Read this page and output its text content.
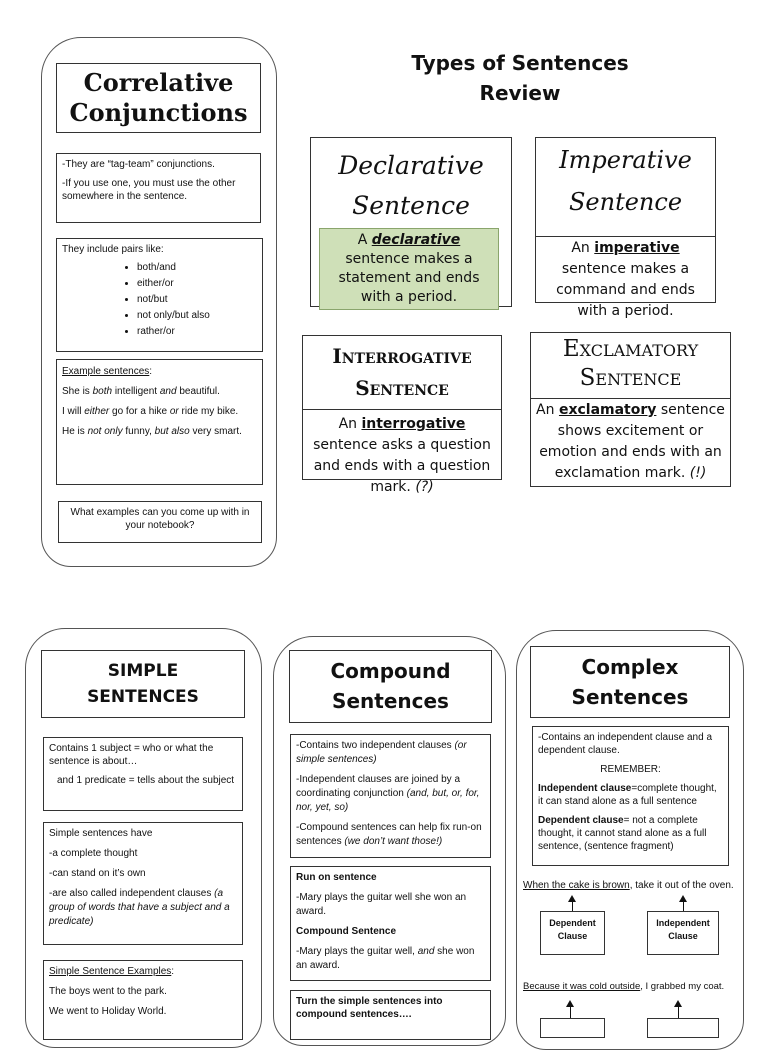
Types of Sentences
Review
Correlative
Conjunctions

-They are “tag-team” conjunctions.

-If you use one, you must use the other somewhere in the sentence.

They include pairs like:
• both/and
• either/or
• not/but
• not only/but also
• rather/or

Example sentences:

She is both intelligent and beautiful.

I will either go for a hike or ride my bike.

He is not only funny, but also very smart.

What examples can you come up with in your notebook?
Declarative
Sentence
A declarative sentence makes a statement and ends with a period.
Imperative
Sentence
An imperative sentence makes a command and ends with a period.
Interrogative
Sentence
An interrogative sentence asks a question and ends with a question mark. (?)
Exclamatory
Sentence
An exclamatory sentence shows excitement or emotion and ends with an exclamation mark. (!)
SIMPLE
SENTENCES

Contains 1 subject = who or what the sentence is about…

and 1 predicate = tells about the subject

Simple sentences have

-a complete thought

-can stand on it’s own

-are also called independent clauses (a group of words that have a subject and a predicate)

Simple Sentence Examples:

The boys went to the park.

We went to Holiday World.

Compound
Sentences

-Contains two independent clauses (or simple sentences)

-Independent clauses are joined by a coordinating conjunction (and, but, or, for, nor, yet, so)

-Compound sentences can help fix run-on sentences (we don’t want those!)

Run on sentence

-Mary plays the guitar well she won an award.

Compound Sentence

-Mary plays the guitar well, and she won an award.

Turn the simple sentences into compound sentences….
Complex
Sentences

-Contains an independent clause and a dependent clause.

REMEMBER:

Independent clause=complete thought, it can stand alone as a full sentence

Dependent clause= not a complete thought, it cannot stand alone as a full sentence, (sentence fragment)

When the cake is brown, take it out of the oven.
Dependent Clause
Independent Clause
Because it was cold outside, I grabbed my coat.
